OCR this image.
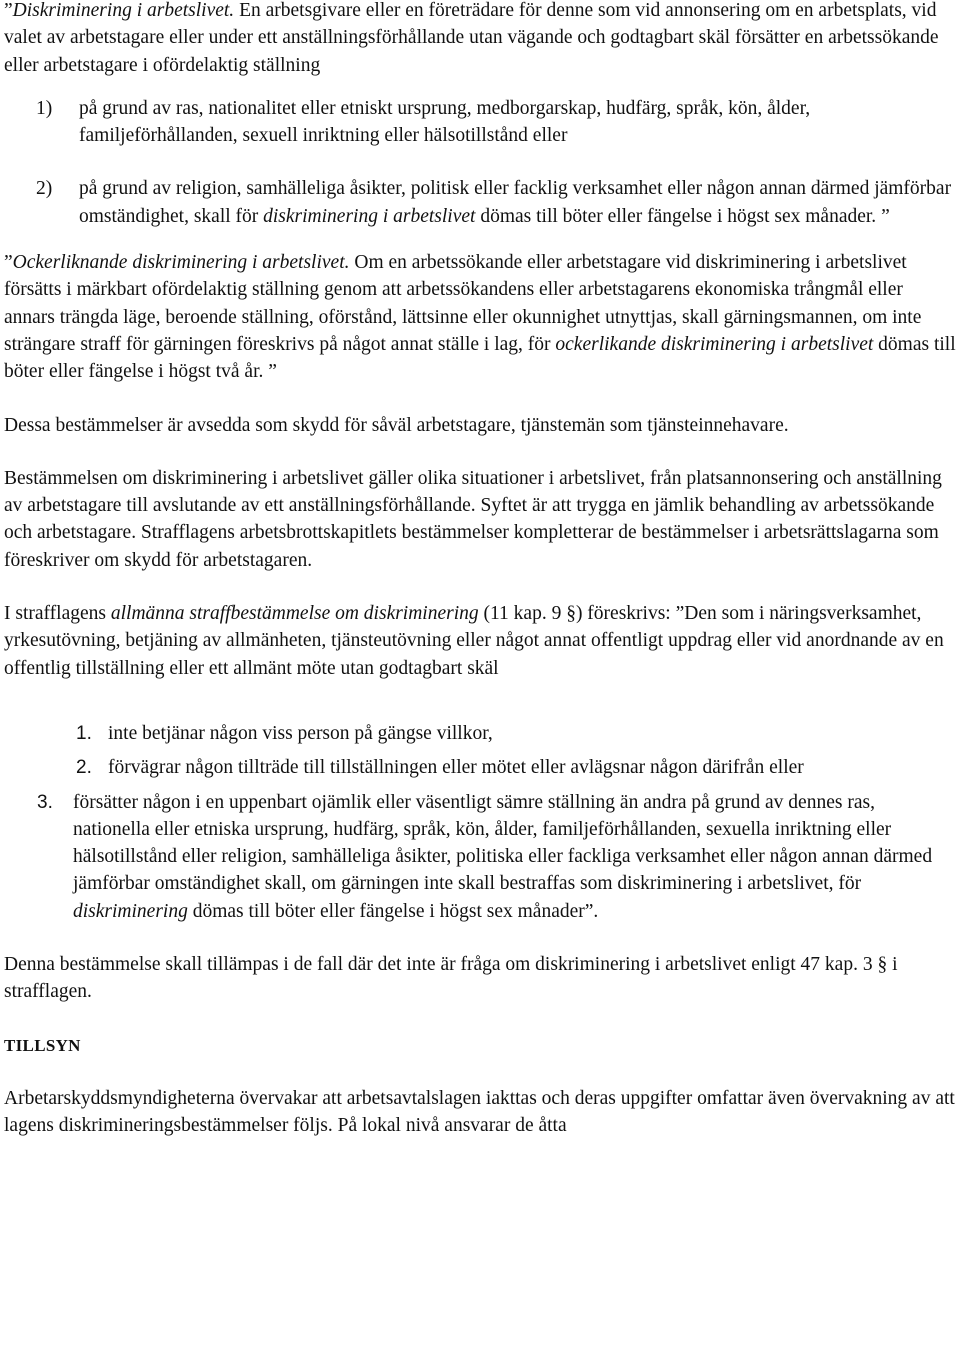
”Diskriminering i arbetslivet. En arbetsgivare eller en företrädare för denne som vid annonsering om en arbetsplats, vid valet av arbetstagare eller under ett anställningsförhållande utan vägande och godtagbart skäl försätter en arbetssökande eller arbetstagare i ofördelaktig ställning

1) på grund av ras, nationalitet eller etniskt ursprung, medborgarskap, hudfärg, språk, kön, ålder, familjeförhållanden, sexuell inriktning eller hälsotillstånd eller
2) på grund av religion, samhälleliga åsikter, politisk eller facklig verksamhet eller någon annan därmed jämförbar omständighet, skall för diskriminering i arbetslivet dömas till böter eller fängelse i högst sex månader. ”

”Ockerliknande diskriminering i arbetslivet. Om en arbetssökande eller arbetstagare vid diskriminering i arbetslivet försätts i märkbart ofördelaktig ställning genom att arbetssökandens eller arbetstagarens ekonomiska trångmål eller annars trängda läge, beroende ställning, oförstånd, lättsinne eller okunnighet utnyttjas, skall gärningsmannen, om inte strängare straff för gärningen föreskrivs på något annat ställe i lag, för ockerlikande diskriminering i arbetslivet dömas till böter eller fängelse i högst två år. ”

Dessa bestämmelser är avsedda som skydd för såväl arbetstagare, tjänstemän som tjänsteinnehavare.

Bestämmelsen om diskriminering i arbetslivet gäller olika situationer i arbetslivet, från platsannonsering och anställning av arbetstagare till avslutande av ett anställningsförhållande. Syftet är att trygga en jämlik behandling av arbetssökande och arbetstagare. Strafflagens arbetsbrottskapitlets bestämmelser kompletterar de bestämmelser i arbetsrättslagarna som föreskriver om skydd för arbetstagaren.

I strafflagens allmänna straffbestämmelse om diskriminering (11 kap. 9 §) föreskrivs: ”Den som i näringsverksamhet, yrkesutövning, betjäning av allmänheten, tjänsteutövning eller något annat offentligt uppdrag eller vid anordnande av en offentlig tillställning eller ett allmänt möte utan godtagbart skäl

1. inte betjänar någon viss person på gängse villkor,
2. förvägrar någon tillträde till tillställningen eller mötet eller avlägsnar någon därifrån eller
3. försätter någon i en uppenbart ojämlik eller väsentligt sämre ställning än andra på grund av dennes ras, nationella eller etniska ursprung, hudfärg, språk, kön, ålder, familjeförhållanden, sexuella inriktning eller hälsotillstånd eller religion, samhälleliga åsikter, politiska eller fackliga verksamhet eller någon annan därmed jämförbar omständighet skall, om gärningen inte skall bestraffas som diskriminering i arbetslivet, för diskriminering dömas till böter eller fängelse i högst sex månader”.

Denna bestämmelse skall tillämpas i de fall där det inte är fråga om diskriminering i arbetslivet enligt 47 kap. 3 § i strafflagen.

TILLSYN

Arbetarskyddsmyndigheterna övervakar att arbetsavtalslagen iakttas och deras uppgifter omfattar även övervakning av att lagens diskrimineringsbestämmelser följs. På lokal nivå ansvarar de åtta
